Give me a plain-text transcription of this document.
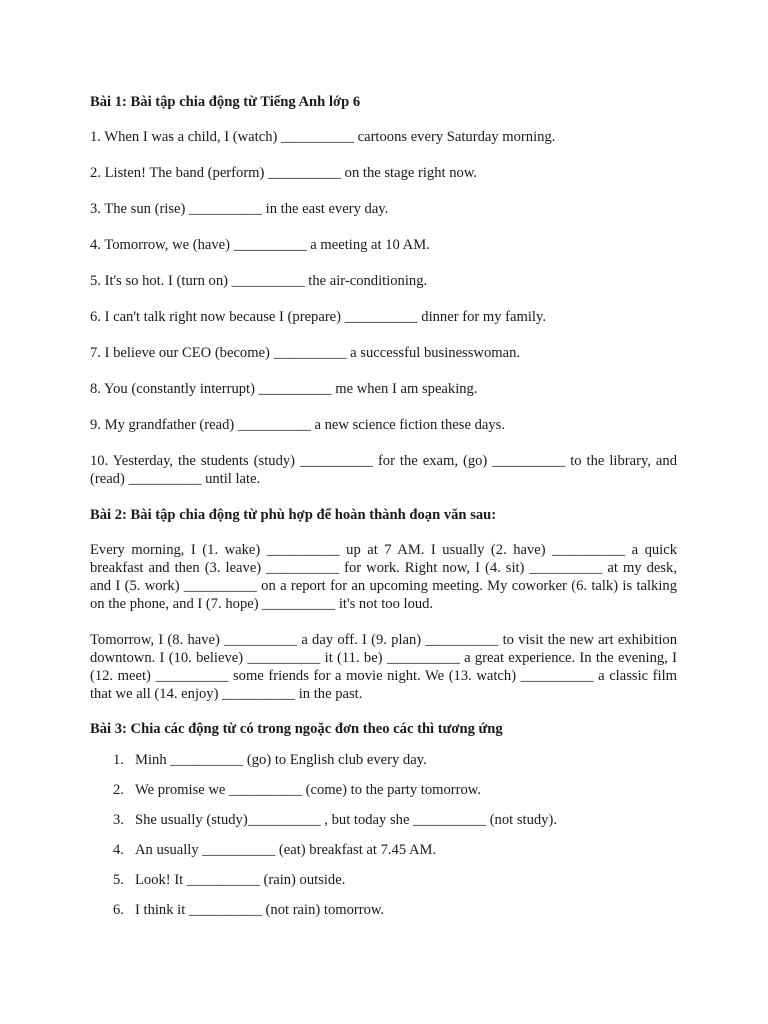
Bài 1: Bài tập chia động từ Tiếng Anh lớp 6

1. When I was a child, I (watch) __________ cartoons every Saturday morning.

2. Listen! The band (perform) __________ on the stage right now.

3. The sun (rise) __________ in the east every day.

4. Tomorrow, we (have) __________ a meeting at 10 AM.

5. It's so hot. I (turn on) __________ the air-conditioning.

6. I can't talk right now because I (prepare) __________ dinner for my family.

7. I believe our CEO (become) __________ a successful businesswoman.

8. You (constantly interrupt) __________ me when I am speaking.

9. My grandfather (read) __________ a new science fiction these days.

10. Yesterday, the students (study) __________ for the exam, (go) __________ to the library, and (read) __________ until late.

Bài 2: Bài tập chia động từ phù hợp để hoàn thành đoạn văn sau:

Every morning, I (1. wake) __________ up at 7 AM. I usually (2. have) __________ a quick breakfast and then (3. leave) __________ for work. Right now, I (4. sit) __________ at my desk, and I (5. work) __________ on a report for an upcoming meeting. My coworker (6. talk) is talking on the phone, and I (7. hope) __________ it's not too loud.

Tomorrow, I (8. have) __________ a day off. I (9. plan) __________ to visit the new art exhibition downtown. I (10. believe) __________ it (11. be) __________ a great experience. In the evening, I (12. meet) __________ some friends for a movie night. We (13. watch) __________ a classic film that we all (14. enjoy) __________ in the past.

Bài 3: Chia các động từ có trong ngoặc đơn theo các thì tương ứng

1. Minh __________ (go) to English club every day.
2. We promise we __________ (come) to the party tomorrow.
3. She usually (study)__________ , but today she __________ (not study).
4. An usually __________ (eat) breakfast at 7.45 AM.
5. Look! It __________ (rain) outside.
6. I think it __________ (not rain) tomorrow.
